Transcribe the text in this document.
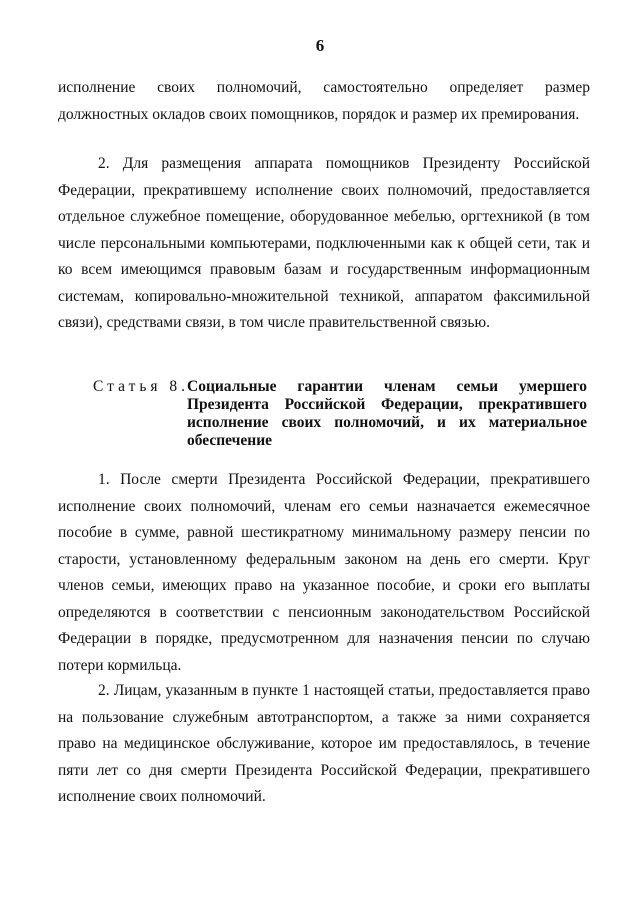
6

исполнение своих полномочий, самостоятельно определяет размер должностных окладов своих помощников, порядок и размер их премирования.

2. Для размещения аппарата помощников Президенту Российской Федерации, прекратившему исполнение своих полномочий, предоставляется отдельное служебное помещение, оборудованное мебелью, оргтехникой (в том числе персональными компьютерами, подключенными как к общей сети, так и ко всем имеющимся правовым базам и государственным информационным системам, копировально-множительной техникой, аппаратом факсимильной связи), средствами связи, в том числе правительственной связью.

Статья 8.

Социальные гарантии членам семьи умершего Президента Российской Федерации, прекратившего исполнение своих полномочий, и их материальное обеспечение

1. После смерти Президента Российской Федерации, прекратившего исполнение своих полномочий, членам его семьи назначается ежемесячное пособие в сумме, равной шестикратному минимальному размеру пенсии по старости, установленному федеральным законом на день его смерти. Круг членов семьи, имеющих право на указанное пособие, и сроки его выплаты определяются в соответствии с пенсионным законодательством Российской Федерации в порядке, предусмотренном для назначения пенсии по случаю потери кормильца.

2. Лицам, указанным в пункте 1 настоящей статьи, предоставляется право на пользование служебным автотранспортом, а также за ними сохраняется право на медицинское обслуживание, которое им предоставлялось, в течение пяти лет со дня смерти Президента Российской Федерации, прекратившего исполнение своих полномочий.
